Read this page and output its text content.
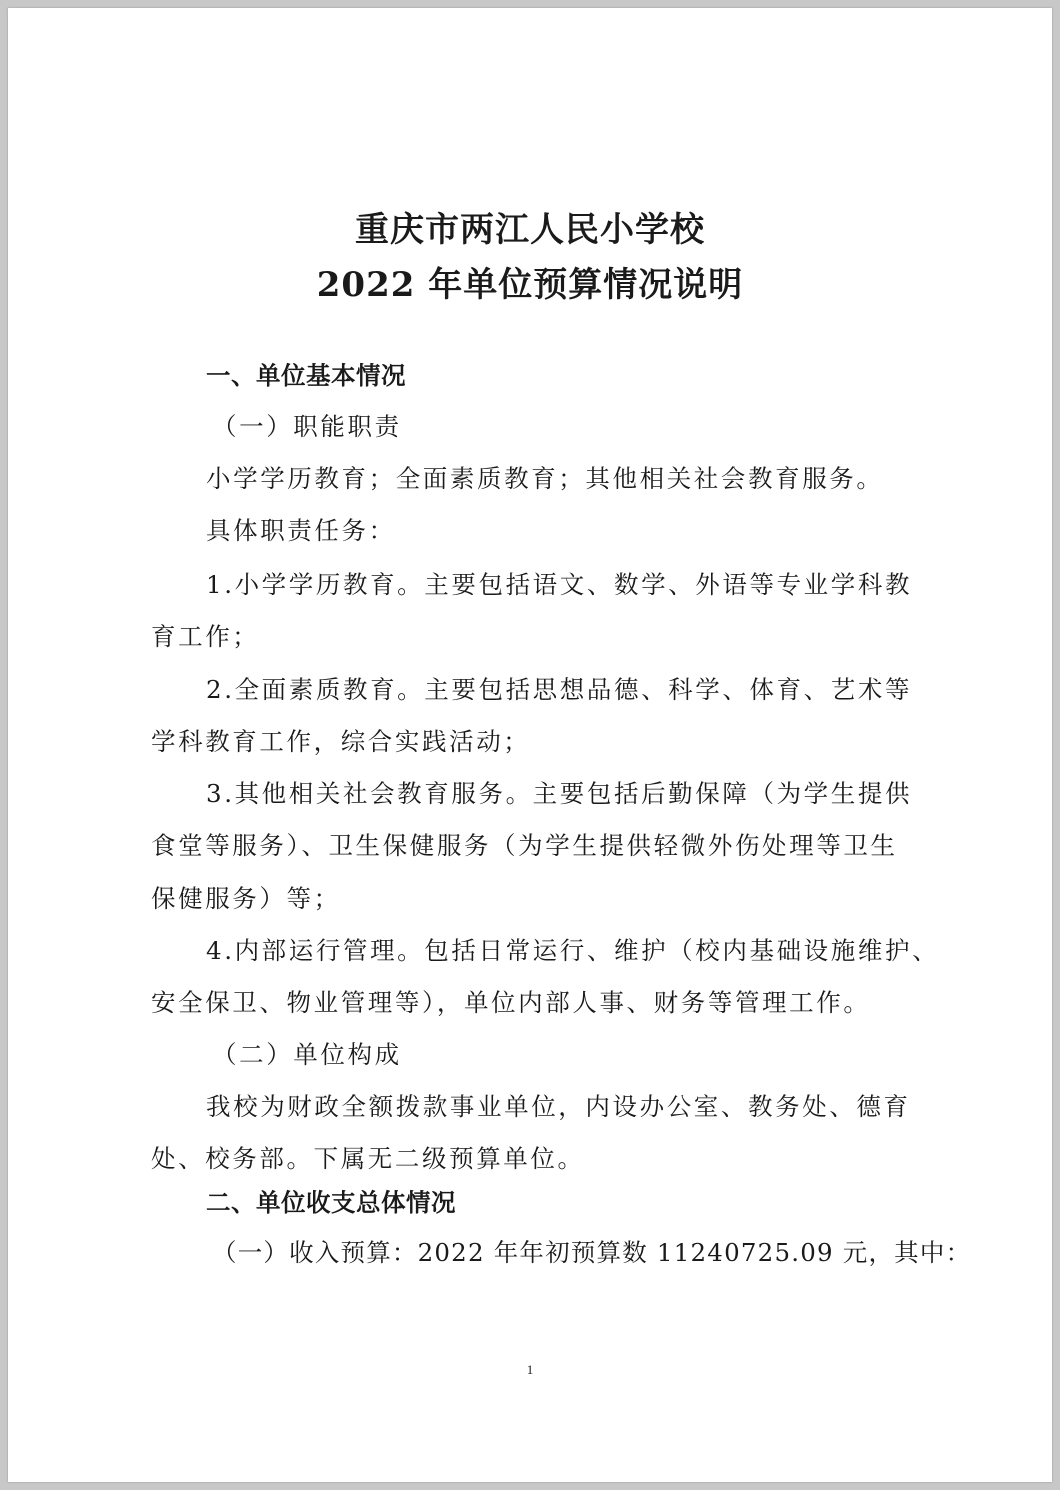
重庆市两江人民小学校
2022 年单位预算情况说明
一、单位基本情况
（一）职能职责
小学学历教育；全面素质教育；其他相关社会教育服务。
具体职责任务：
1.小学学历教育。主要包括语文、数学、外语等专业学科教
育工作；
2.全面素质教育。主要包括思想品德、科学、体育、艺术等
学科教育工作，综合实践活动；
3.其他相关社会教育服务。主要包括后勤保障（为学生提供
食堂等服务）、卫生保健服务（为学生提供轻微外伤处理等卫生
保健服务）等；
4.内部运行管理。包括日常运行、维护（校内基础设施维护、
安全保卫、物业管理等），单位内部人事、财务等管理工作。
（二）单位构成
我校为财政全额拨款事业单位，内设办公室、教务处、德育
处、校务部。下属无二级预算单位。
二、单位收支总体情况
（一）收入预算：2022 年年初预算数 11240725.09 元，其中：
1
